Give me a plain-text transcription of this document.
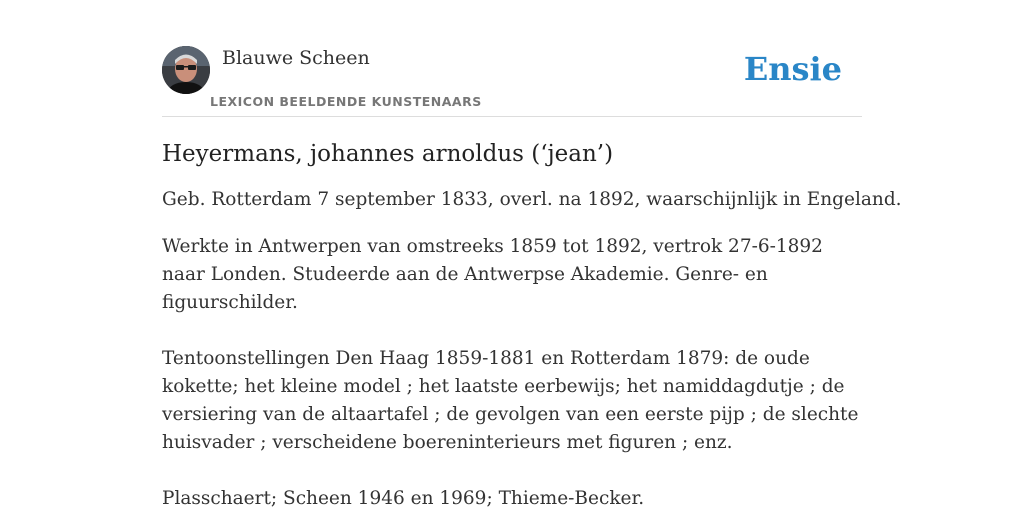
Blauwe Scheen
LEXICON BEELDENDE KUNSTENAARS
Ensie
Heyermans, johannes arnoldus (‘jean’)

Geb. Rotterdam 7 september 1833, overl. na 1892, waarschijnlijk in Engeland.

Werkte in Antwerpen van omstreeks 1859 tot 1892, vertrok 27-6-1892 naar Londen. Studeerde aan de Antwerpse Akademie. Genre- en figuurschilder.

Tentoonstellingen Den Haag 1859-1881 en Rotterdam 1879: de oude kokette; het kleine model ; het laatste eerbewijs; het namiddagdutje ; de versiering van de altaartafel ; de gevolgen van een eerste pijp ; de slechte huisvader ; verscheidene boereninterieurs met figuren ; enz.

Plasschaert; Scheen 1946 en 1969; Thieme-Becker.
